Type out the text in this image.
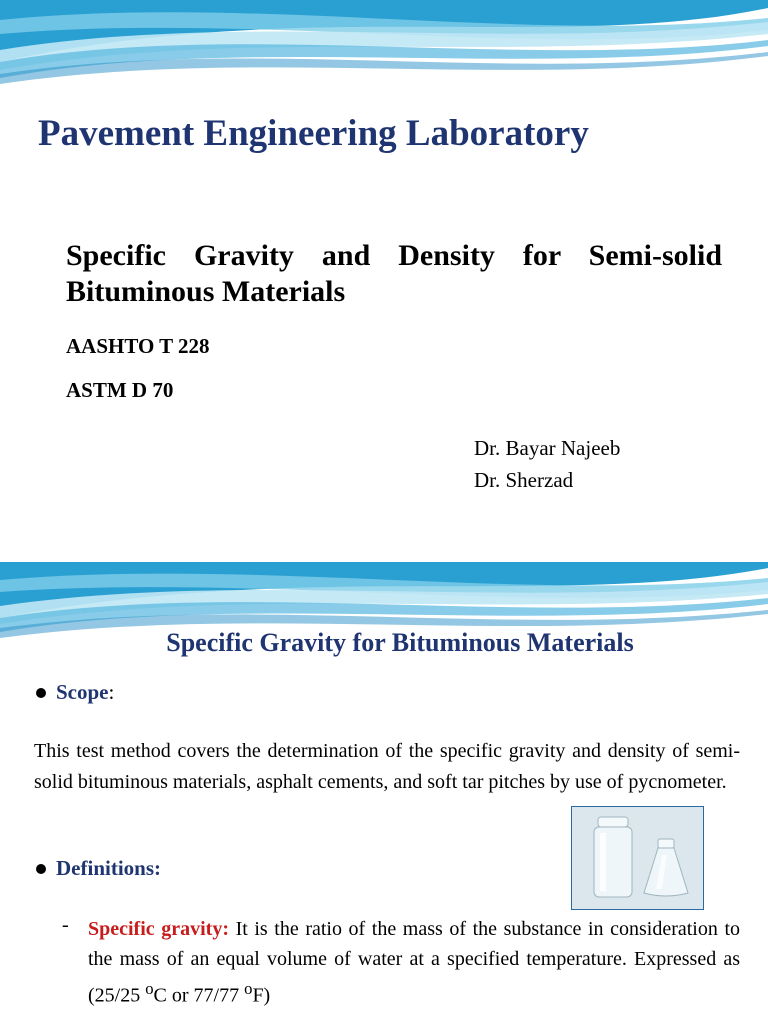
Pavement Engineering Laboratory
Specific Gravity and Density for Semi-solid Bituminous Materials
AASHTO T 228
ASTM D 70
Dr. Bayar Najeeb
Dr. Sherzad
Specific Gravity for Bituminous Materials
Scope :

This test method covers the determination of the specific gravity and density of semi-solid bituminous materials, asphalt cements, and soft tar pitches by use of pycnometer.

Definitions:
- Specific gravity: It is the ratio of the mass of the substance in consideration to the mass of an equal volume of water at a specified temperature. Expressed as (25/25 $^o$C or 77/77 $^o$F)
